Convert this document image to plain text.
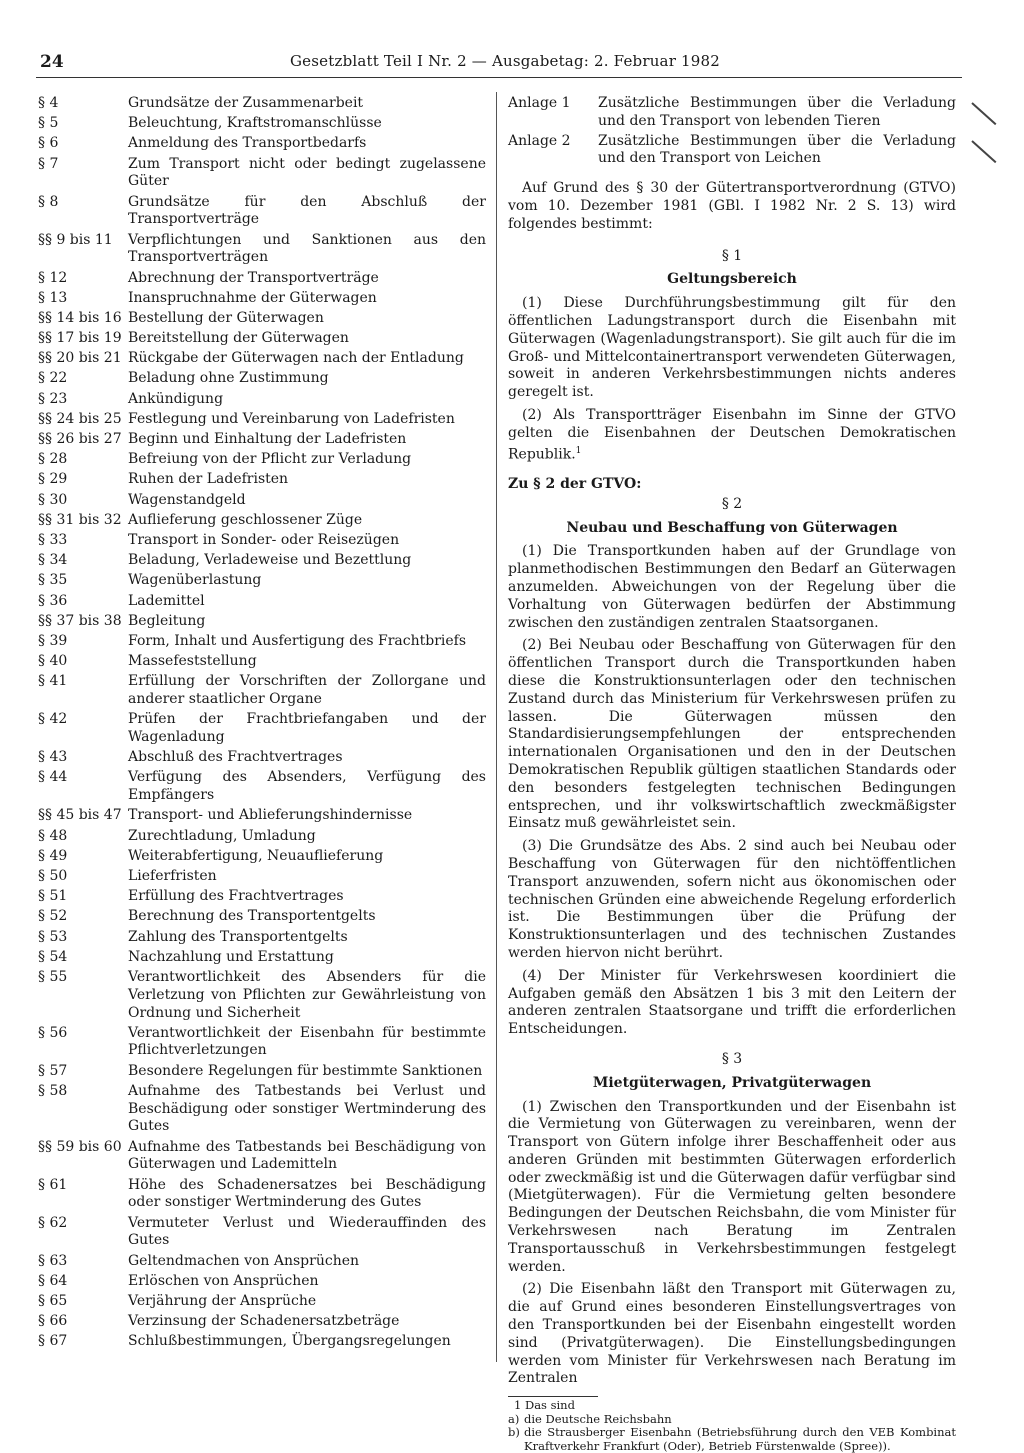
24	Gesetzblatt Teil I Nr. 2 — Ausgabetag: 2. Februar 1982
§ 4	Grundsätze der Zusammenarbeit
§ 5	Beleuchtung, Kraftstromanschlüsse
§ 6	Anmeldung des Transportbedarfs
§ 7	Zum Transport nicht oder bedingt zugelassene Güter
§ 8	Grundsätze für den Abschluß der Transportverträge
§§ 9 bis 11	Verpflichtungen und Sanktionen aus den Transportverträgen
§ 12	Abrechnung der Transportverträge
§ 13	Inanspruchnahme der Güterwagen
§§ 14 bis 16 Bestellung der Güterwagen
§§ 17 bis 19 Bereitstellung der Güterwagen
§§ 20 bis 21 Rückgabe der Güterwagen nach der Entladung
§ 22	Beladung ohne Zustimmung
§ 23	Ankündigung
§§ 24 bis 25 Festlegung und Vereinbarung von Ladefristen
§§ 26 bis 27 Beginn und Einhaltung der Ladefristen
§ 28	Befreiung von der Pflicht zur Verladung
§ 29	Ruhen der Ladefristen
§ 30	Wagenstandgeld
§§ 31 bis 32 Auflieferung geschlossener Züge
§ 33	Transport in Sonder- oder Reisezügen
§ 34	Beladung, Verladeweise und Bezettlung
§ 35	Wagenüberlastung
§ 36	Lademittel
§§ 37 bis 38 Begleitung
§ 39	Form, Inhalt und Ausfertigung des Frachtbriefs
§ 40	Massefeststellung
§ 41	Erfüllung der Vorschriften der Zollorgane und anderer staatlicher Organe
§ 42	Prüfen der Frachtbriefangaben und der Wagenladung
§ 43	Abschluß des Frachtvertrages
§ 44	Verfügung des Absenders, Verfügung des Empfängers
§§ 45 bis 47 Transport- und Ablieferungshindernisse
§ 48	Zurechtladung, Umladung
§ 49	Weiterabfertigung, Neuauflieferung
§ 50	Lieferfristen
§ 51	Erfüllung des Frachtvertrages
§ 52	Berechnung des Transportentgelts
§ 53	Zahlung des Transportentgelts
§ 54	Nachzahlung und Erstattung
§ 55	Verantwortlichkeit des Absenders für die Verletzung von Pflichten zur Gewährleistung von Ordnung und Sicherheit
§ 56	Verantwortlichkeit der Eisenbahn für bestimmte Pflichtverletzungen
§ 57	Besondere Regelungen für bestimmte Sanktionen
§ 58	Aufnahme des Tatbestands bei Verlust und Beschädigung oder sonstiger Wertminderung des Gutes
§§ 59 bis 60 Aufnahme des Tatbestands bei Beschädigung von Güterwagen und Lademitteln
§ 61	Höhe des Schadenersatzes bei Beschädigung oder sonstiger Wertminderung des Gutes
§ 62	Vermuteter Verlust und Wiederauffinden des Gutes
§ 63	Geltendmachen von Ansprüchen
§ 64	Erlöschen von Ansprüchen
§ 65	Verjährung der Ansprüche
§ 66	Verzinsung der Schadenersatzbeträge
§ 67	Schlußbestimmungen, Übergangsregelungen
Anlage 1	Zusätzliche Bestimmungen über die Verladung und den Transport von lebenden Tieren
Anlage 2	Zusätzliche Bestimmungen über die Verladung und den Transport von Leichen

Auf Grund des § 30 der Gütertransportverordnung (GTVO) vom 10. Dezember 1981 (GBl. I 1982 Nr. 2 S. 13) wird folgendes bestimmt:

§ 1
Geltungsbereich

(1) Diese Durchführungsbestimmung gilt für den öffentlichen Ladungstransport durch die Eisenbahn mit Güterwagen (Wagenladungstransport). Sie gilt auch für die im Groß- und Mittelcontainertransport verwendeten Güterwagen, soweit in anderen Verkehrsbestimmungen nichts anderes geregelt ist.

(2) Als Transportträger Eisenbahn im Sinne der GTVO gelten die Eisenbahnen der Deutschen Demokratischen Republik.$^1$

Zu § 2 der GTVO:
§ 2
Neubau und Beschaffung von Güterwagen

(1) Die Transportkunden haben auf der Grundlage von planmethodischen Bestimmungen den Bedarf an Güterwagen anzumelden. Abweichungen von der Regelung über die Vorhaltung von Güterwagen bedürfen der Abstimmung zwischen den zuständigen zentralen Staatsorganen.

(2) Bei Neubau oder Beschaffung von Güterwagen für den öffentlichen Transport durch die Transportkunden haben diese die Konstruktionsunterlagen oder den technischen Zustand durch das Ministerium für Verkehrswesen prüfen zu lassen. Die Güterwagen müssen den Standardisierungsempfehlungen der entsprechenden internationalen Organisationen und den in der Deutschen Demokratischen Republik gültigen staatlichen Standards oder den besonders festgelegten technischen Bedingungen entsprechen, und ihr volkswirtschaftlich zweckmäßigster Einsatz muß gewährleistet sein.

(3) Die Grundsätze des Abs. 2 sind auch bei Neubau oder Beschaffung von Güterwagen für den nichtöffentlichen Transport anzuwenden, sofern nicht aus ökonomischen oder technischen Gründen eine abweichende Regelung erforderlich ist. Die Bestimmungen über die Prüfung der Konstruktionsunterlagen und des technischen Zustandes werden hiervon nicht berührt.

(4) Der Minister für Verkehrswesen koordiniert die Aufgaben gemäß den Absätzen 1 bis 3 mit den Leitern der anderen zentralen Staatsorgane und trifft die erforderlichen Entscheidungen.

§ 3
Mietgüterwagen, Privatgüterwagen

(1) Zwischen den Transportkunden und der Eisenbahn ist die Vermietung von Güterwagen zu vereinbaren, wenn der Transport von Gütern infolge ihrer Beschaffenheit oder aus anderen Gründen mit bestimmten Güterwagen erforderlich oder zweckmäßig ist und die Güterwagen dafür verfügbar sind (Mietgüterwagen). Für die Vermietung gelten besondere Bedingungen der Deutschen Reichsbahn, die vom Minister für Verkehrswesen nach Beratung im Zentralen Transportausschuß in Verkehrsbestimmungen festgelegt werden.

(2) Die Eisenbahn läßt den Transport mit Güterwagen zu, die auf Grund eines besonderen Einstellungsvertrages von den Transportkunden bei der Eisenbahn eingestellt worden sind (Privatgüterwagen). Die Einstellungsbedingungen werden vom Minister für Verkehrswesen nach Beratung im Zentralen

1 Das sind
a) die Deutsche Reichsbahn
b) die Strausberger Eisenbahn (Betriebsführung durch den VEB Kombinat Kraftverkehr Frankfurt (Oder), Betrieb Fürstenwalde (Spree)).
